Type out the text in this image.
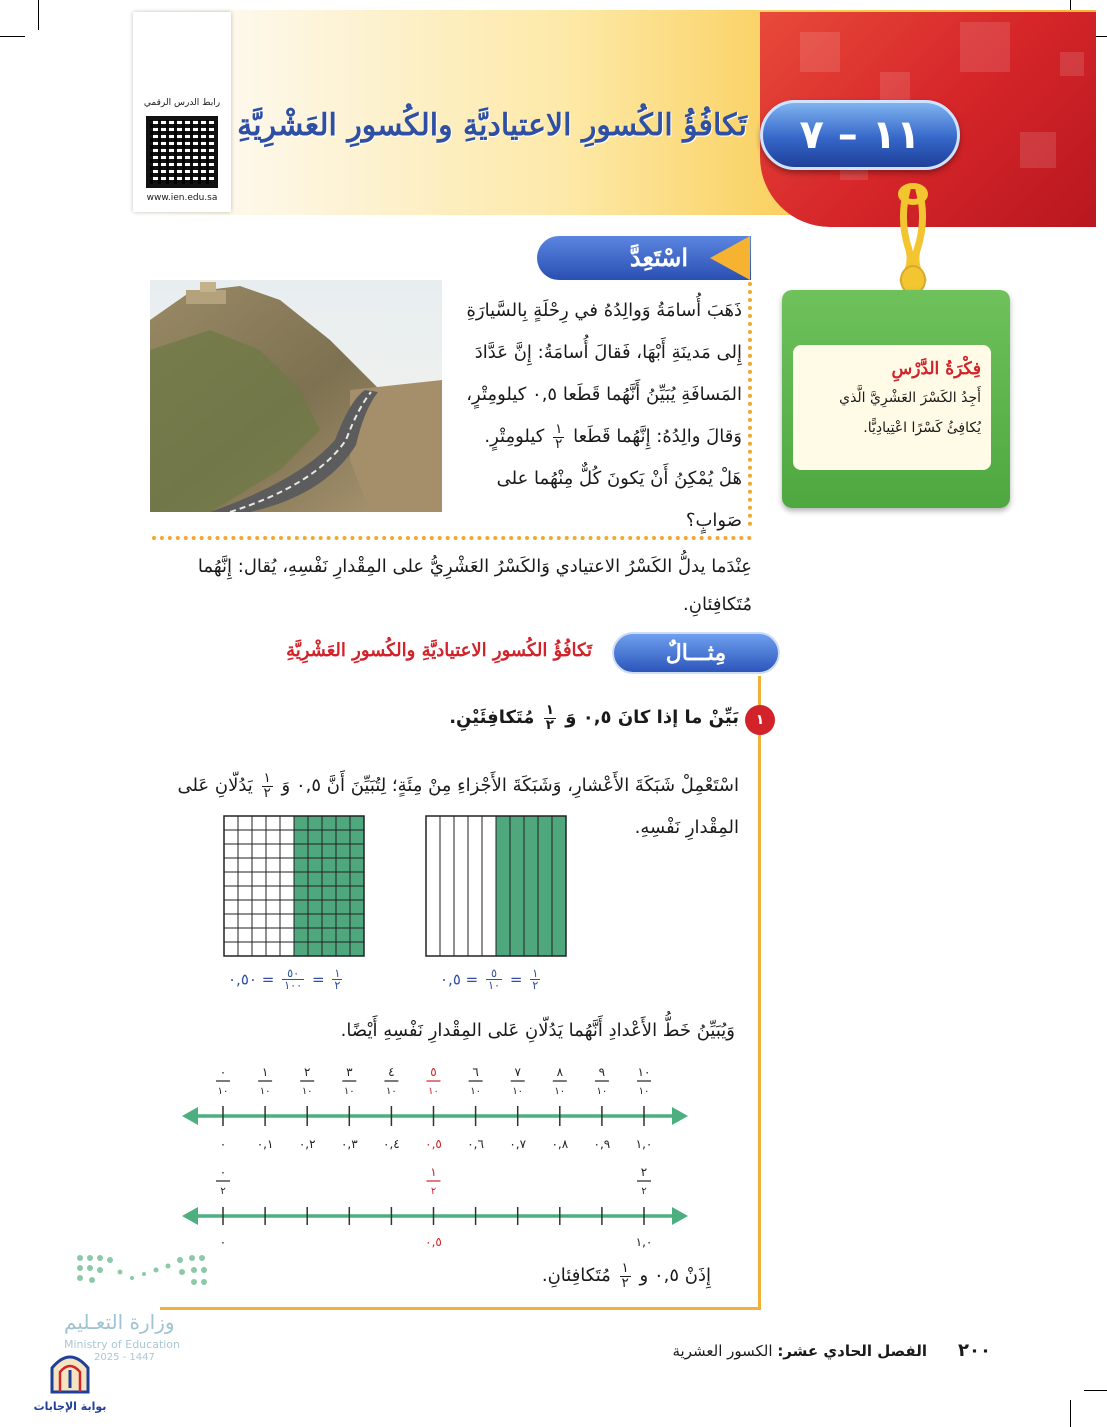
١١ – ٧
تَكافُؤُ الكُسورِ الاعتياديَّةِ والكُسورِ العَشْرِيَّةِ
رابط الدرس الرقمي
www.ien.edu.sa
فِكْرَةُ الدَّرْسِ
أَجِدُ الكَسْرَ العَشْرِيَّ الَّذي
يُكافِئُ كَسْرًا اعْتِيادِيًّا.
اسْتَعِدَّ
ذَهَبَ أُسامَةُ وَوالِدُهُ في رِحْلَةٍ بِالسَّيارَةِ
إِلى مَدينَةِ أَبْهَا، فَقالَ أُسامَةُ: إِنَّ عَدَّادَ
المَسافَةِ يُبَيِّنُ أَنَّهُما قَطَعا ٠,٥ كيلومِتْرٍ،
وَقالَ والِدُهُ: إِنَّهُما قَطَعا
$\frac{١}{٢}$
كيلومِتْرٍ.
هَلْ يُمْكِنُ أَنْ يَكونَ كُلٌّ مِنْهُما على
صَوابٍ؟
عِنْدَما يدلُّ الكَسْرُ الاعتيادي وَالكَسْرُ العَشْرِيُّ على المِقْدارِ نَفْسِهِ، يُقال: إِنَّهُما مُتَكافِئانِ.
مِثـــالٌ
تَكافُؤُ الكُسورِ الاعتياديَّةِ والكُسورِ العَشْرِيَّةِ
١
بَيِّنْ ما إذا كانَ ٠,٥ وَ
$\frac{١}{٢}$
مُتَكافِئَيْنِ.
اسْتَعْمِلْ شَبَكَةَ الأَعْشارِ، وَشَبَكَةَ الأَجْزاءِ مِنْ مِئَةٍ؛ لِتُبَيِّنَ أَنَّ ٠,٥ وَ
$\frac{١}{٢}$
يَدُلّانِ عَلى المِقْدارِ نَفْسِهِ.
$\frac{١}{٢}$
=
$\frac{٥}{١٠}$
= ٠,٥
$\frac{١}{٢}$
=
$\frac{٥٠}{١٠٠}$
= ٠,٥٠
وَيُبَيِّنُ خَطُّ الأَعْدادِ أَنَّهُما يَدُلّانِ عَلى المِقْدارِ نَفْسِهِ أَيْضًا.
٠
١٠
٠
١
١٠
٠,١
٢
١٠
٠,٢
٣
١٠
٠,٣
٤
١٠
٠,٤
٥
١٠
٠,٥
٦
١٠
٠,٦
٧
١٠
٠,٧
٨
١٠
٠,٨
٩
١٠
٠,٩
١٠
١٠
١,٠
٠
٢
٠
١
٢
٠,٥
٢
٢
١,٠
إِذَنْ ٠,٥ و
$\frac{١}{٢}$
مُتَكافِئانِ.
وزارة التعـليم
Ministry of Education
2025 - 1447
بوابة الإجابات
٢٠٠
الفصل الحادي عشر: الكسور العشرية
